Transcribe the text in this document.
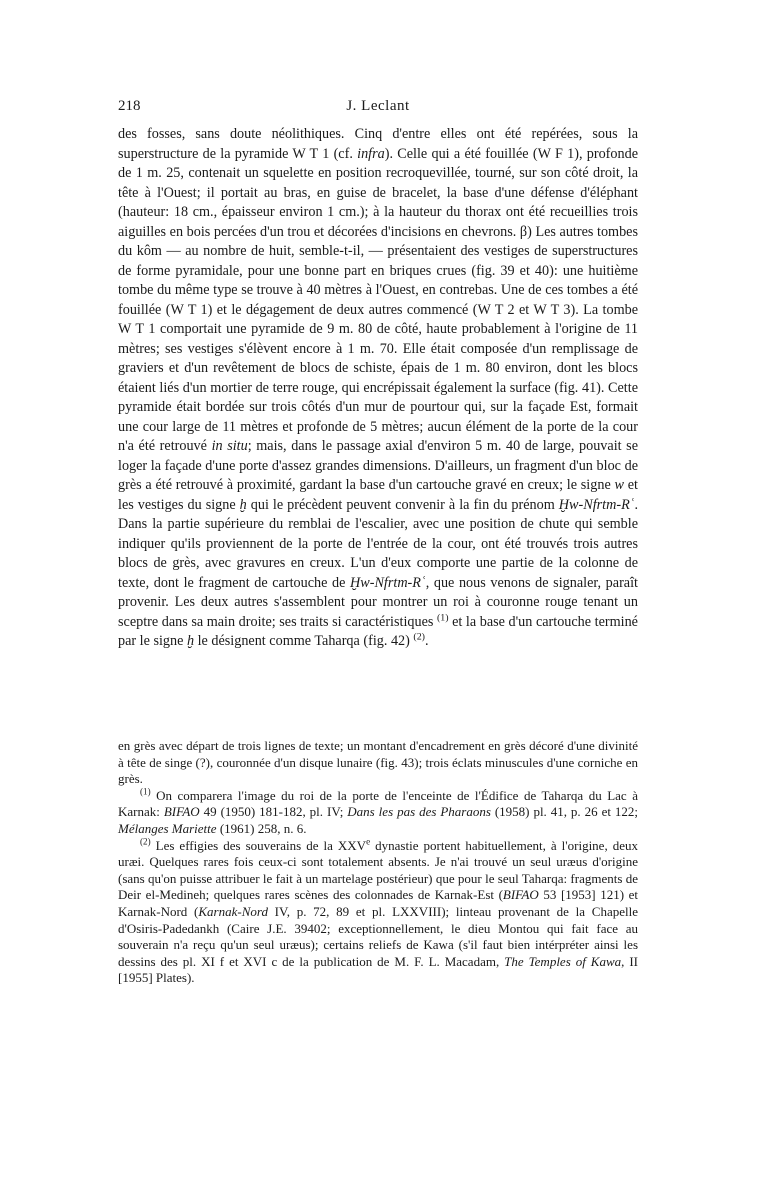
218	J. Leclant

des fosses, sans doute néolithiques. Cinq d'entre elles ont été repérées, sous la superstructure de la pyramide W T 1 (cf. infra). Celle qui a été fouillée (W F 1), profonde de 1 m. 25, contenait un squelette en position recroquevillée, tourné, sur son côté droit, la tête à l'Ouest; il portait au bras, en guise de bracelet, la base d'une défense d'éléphant (hauteur: 18 cm., épaisseur environ 1 cm.); à la hauteur du thorax ont été recueillies trois aiguilles en bois percées d'un trou et décorées d'incisions en chevrons. β) Les autres tombes du kôm — au nombre de huit, semble-t-il, — présentaient des vestiges de superstructures de forme pyramidale, pour une bonne part en briques crues (fig. 39 et 40): une huitième tombe du même type se trouve à 40 mètres à l'Ouest, en contrebas. Une de ces tombes a été fouillée (W T 1) et le dégagement de deux autres commencé (W T 2 et W T 3). La tombe W T 1 comportait une pyramide de 9 m. 80 de côté, haute probablement à l'origine de 11 mètres; ses vestiges s'élèvent encore à 1 m. 70. Elle était composée d'un remplissage de graviers et d'un revêtement de blocs de schiste, épais de 1 m. 80 environ, dont les blocs étaient liés d'un mortier de terre rouge, qui encrépissait également la surface (fig. 41). Cette pyramide était bordée sur trois côtés d'un mur de pourtour qui, sur la façade Est, formait une cour large de 11 mètres et profonde de 5 mètres; aucun élément de la porte de la cour n'a été retrouvé in situ; mais, dans le passage axial d'environ 5 m. 40 de large, pouvait se loger la façade d'une porte d'assez grandes dimensions. D'ailleurs, un fragment d'un bloc de grès a été retrouvé à proximité, gardant la base d'un cartouche gravé en creux; le signe w et les vestiges du signe ḫ qui le précèdent peuvent convenir à la fin du prénom Ḫw-Nfrtm-Rʿ. Dans la partie supérieure du remblai de l'escalier, avec une position de chute qui semble indiquer qu'ils proviennent de la porte de l'entrée de la cour, ont été trouvés trois autres blocs de grès, avec gravures en creux. L'un d'eux comporte une partie de la colonne de texte, dont le fragment de cartouche de Ḫw-Nfrtm-Rʿ, que nous venons de signaler, paraît provenir. Les deux autres s'assemblent pour montrer un roi à couronne rouge tenant un sceptre dans sa main droite; ses traits si caractéristiques $^{(1)}$ et la base d'un cartouche terminé par le signe ḫ le désignent comme Taharqa (fig. 42) $^{(2)}$.

en grès avec départ de trois lignes de texte; un montant d'encadrement en grès décoré d'une divinité à tête de singe (?), couronnée d'un disque lunaire (fig. 43); trois éclats minuscules d'une corniche en grès.

$^{(1)}$ On comparera l'image du roi de la porte de l'enceinte de l'Édifice de Taharqa du Lac à Karnak: BIFAO 49 (1950) 181-182, pl. IV; Dans les pas des Pharaons (1958) pl. 41, p. 26 et 122; Mélanges Mariette (1961) 258, n. 6.

$^{(2)}$ Les effigies des souverains de la XXVe dynastie portent habituellement, à l'origine, deux uræi. Quelques rares fois ceux-ci sont totalement absents. Je n'ai trouvé un seul uræus d'origine (sans qu'on puisse attribuer le fait à un martelage postérieur) que pour le seul Taharqa: fragments de Deir el-Medineh; quelques rares scènes des colonnades de Karnak-Est (BIFAO 53 [1953] 121) et Karnak-Nord (Karnak-Nord IV, p. 72, 89 et pl. LXXVIII); linteau provenant de la Chapelle d'Osiris-Padedankh (Caire J.E. 39402; exceptionnellement, le dieu Montou qui fait face au souverain n'a reçu qu'un seul uræus); certains reliefs de Kawa (s'il faut bien intérpréter ainsi les dessins des pl. XI f et XVI c de la publication de M. F. L. Macadam, The Temples of Kawa, II [1955] Plates).
